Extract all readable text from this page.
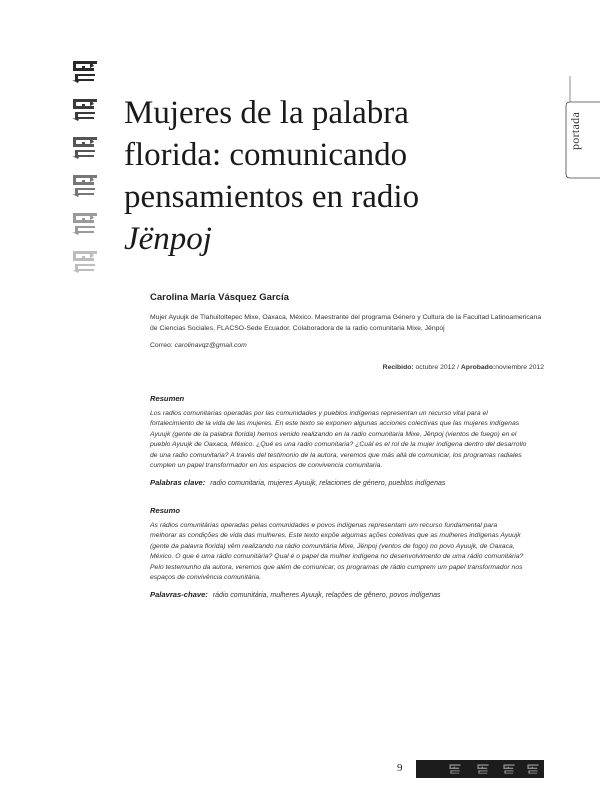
portada
Mujeres de la palabra
florida: comunicando
pensamientos en radio
Jënpoj
Carolina María Vásquez García
Mujer Ayuujk de Tlahuitoltepec Mixe, Oaxaca, México. Maestrante del programa Género y Cultura de la Facultad Latinoamericana de Ciencias Sociales, FLACSO-Sede Ecuador. Colaboradora de la radio comunitaria Mixe, Jënpoj
Correo: carolinavqz@gmail.com
Recibido: octubre 2012 / Aprobado:noviembre 2012
Resumen
Los radios comunitarias operadas por las comunidades y pueblos indígenas representan un recurso vital para el
fortalecimiento de la vida de las mujeres. En este texto se exponen algunas acciones colectivas que las mujeres indígenas
Ayuujk (gente de la palabra florida) hemos venido realizando en la radio comunitaria Mixe, Jënpoj (vientos de fuego) en el
pueblo Ayuujk de Oaxaca, México. ¿Qué es una radio comunitaria? ¿Cuál es el rol de la mujer indígena dentro del desarrollo
de una radio comunitaria? A través del testimonio de la autora, veremos que más allá de comunicar, los programas radiales
cumplen un papel transformador en los espacios de convivencia comunitaria.
Palabras clave: radio comunitaria, mujeres Ayuujk, relaciones de género, pueblos indígenas
Resumo
As rádios comunitárias operadas pelas comunidades e povos indígenas representam um recurso fundamental para
melhorar as condições de vida das mulheres. Este texto expõe algumas ações coletivas que as mulheres indígenas Ayuujk
(gente da palavra florida) vêm realizando na rádio comunitária Mixe, Jënpoj (ventos de fogo) no povo Ayuujk, de Oaxaca,
México. O que é uma rádio comunitária? Qual é o papel da mulher indígena no desenvolvimento de uma rádio comunitária?
Pelo testemunho da autora, veremos que além de comunicar, os programas de rádio cumprem um papel transformador nos
espaços de convivência comunitária.
Palavras-chave: rádio comunitária, mulheres Ayuujk, relações de gênero, povos indígenas
9
